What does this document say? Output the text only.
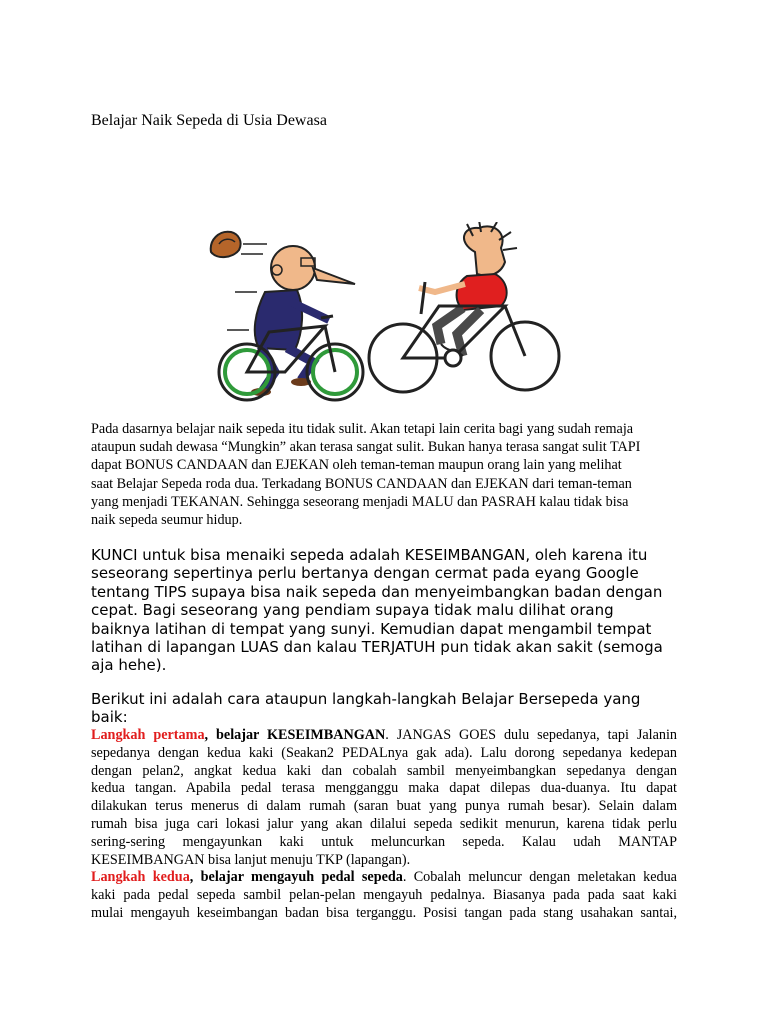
Belajar Naik Sepeda di Usia Dewasa
Pada dasarnya belajar naik sepeda itu tidak sulit. Akan tetapi lain cerita bagi yang sudah remaja
ataupun sudah dewasa “Mungkin” akan terasa sangat sulit. Bukan hanya terasa sangat sulit TAPI
dapat BONUS CANDAAN dan EJEKAN oleh teman-teman maupun orang lain yang melihat
saat Belajar Sepeda roda dua. Terkadang BONUS CANDAAN dan EJEKAN dari teman-teman
yang menjadi TEKANAN. Sehingga seseorang menjadi MALU dan PASRAH kalau tidak bisa
naik sepeda seumur hidup.
KUNCI untuk bisa menaiki sepeda adalah KESEIMBANGAN, oleh karena itu
seseorang sepertinya perlu bertanya dengan cermat pada eyang Google
tentang TIPS supaya bisa naik sepeda dan menyeimbangkan badan dengan
cepat. Bagi seseorang yang pendiam supaya tidak malu dilihat orang
baiknya latihan di tempat yang sunyi. Kemudian dapat mengambil tempat
latihan di lapangan LUAS dan kalau TERJATUH pun tidak akan sakit (semoga
aja hehe).
Berikut ini adalah cara ataupun langkah-langkah Belajar Bersepeda yang
baik:
Langkah pertama, belajar KESEIMBANGAN. JANGAS GOES dulu sepedanya, tapi Jalanin
sepedanya dengan kedua kaki (Seakan2 PEDALnya gak ada). Lalu dorong sepedanya kedepan
dengan pelan2, angkat kedua kaki dan cobalah sambil menyeimbangkan sepedanya dengan
kedua tangan. Apabila pedal terasa mengganggu maka dapat dilepas dua-duanya. Itu dapat
dilakukan terus menerus di dalam rumah (saran buat yang punya rumah besar). Selain dalam
rumah bisa juga cari lokasi jalur yang akan dilalui sepeda sedikit menurun, karena tidak perlu
sering-sering mengayunkan kaki untuk meluncurkan sepeda. Kalau udah MANTAP
KESEIMBANGAN bisa lanjut menuju TKP (lapangan).
Langkah kedua, belajar mengayuh pedal sepeda. Cobalah meluncur dengan meletakan kedua
kaki pada pedal sepeda sambil pelan-pelan mengayuh pedalnya. Biasanya pada pada saat kaki
mulai mengayuh keseimbangan badan bisa terganggu. Posisi tangan pada stang usahakan santai,
